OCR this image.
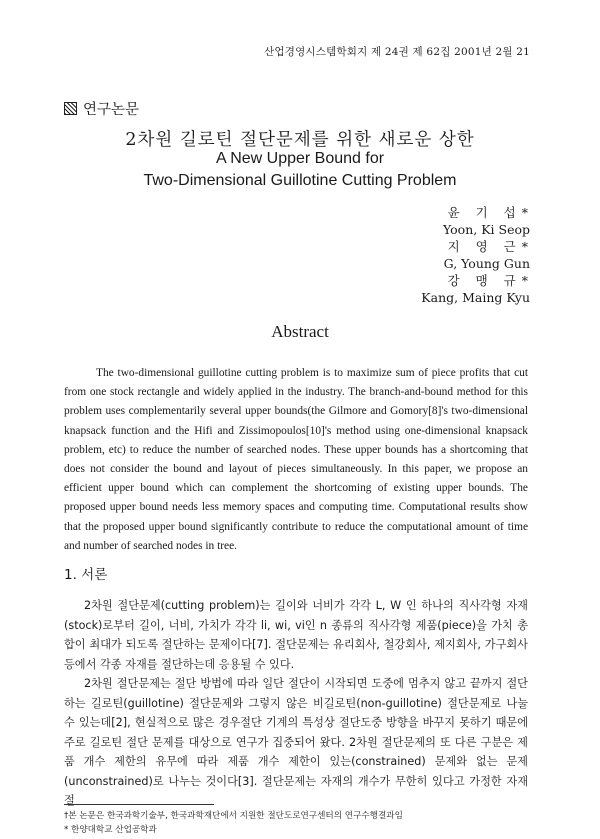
산업경영시스템학회지 제 24권 제 62집 2001년 2월 21
연구논문
2차원 길로틴 절단문제를 위한 새로운 상한
A New Upper Bound for
Two-Dimensional Guillotine Cutting Problem
윤 기 섭*
Yoon, Ki Seop
지 영 근*
G, Young Gun
강 맹 규*
Kang, Maing Kyu
Abstract

The two-dimensional guillotine cutting problem is to maximize sum of piece profits that cut from one stock rectangle and widely applied in the industry. The branch-and-bound method for this problem uses complementarily several upper bounds(the Gilmore and Gomory[8]'s two-dimensional knapsack function and the Hifi and Zissimopoulos[10]'s method using one-dimensional knapsack problem, etc) to reduce the number of searched nodes. These upper bounds has a shortcoming that does not consider the bound and layout of pieces simultaneously. In this paper, we propose an efficient upper bound which can complement the shortcoming of existing upper bounds. The proposed upper bound needs less memory spaces and computing time. Computational results show that the proposed upper bound significantly contribute to reduce the computational amount of time and number of searched nodes in tree.

1. 서론

2차원 절단문제(cutting problem)는 길이와 너비가 각각 L, W 인 하나의 직사각형 자재(stock)로부터 길이, 너비, 가치가 각각 li, wi, vi인 n 종류의 직사각형 제품(piece)을 가치 총합이 최대가 되도록 절단하는 문제이다[7]. 절단문제는 유리회사, 철강회사, 제지회사, 가구회사 등에서 각종 자재를 절단하는데 응용될 수 있다.

2차원 절단문제는 절단 방법에 따라 일단 절단이 시작되면 도중에 멈추지 않고 끝까지 절단하는 길로틴(guillotine) 절단문제와 그렇지 않은 비길로틴(non-guillotine) 절단문제로 나눌 수 있는데[2], 현실적으로 많은 경우절단 기계의 특성상 절단도중 방향을 바꾸지 못하기 때문에 주로 길로틴 절단 문제를 대상으로 연구가 집중되어 왔다. 2차원 절단문제의 또 다른 구분은 제품 개수 제한의 유무에 따라 제품 개수 제한이 있는(constrained) 문제와 없는 문제(unconstrained)로 나누는 것이다[3]. 절단문제는 자재의 개수가 무한히 있다고 가정한 자재절

†본 논문은 한국과학기술부, 한국과학재단에서 지원한 절단도로연구센터의 연구수행결과임
* 한양대학교 산업공학과
